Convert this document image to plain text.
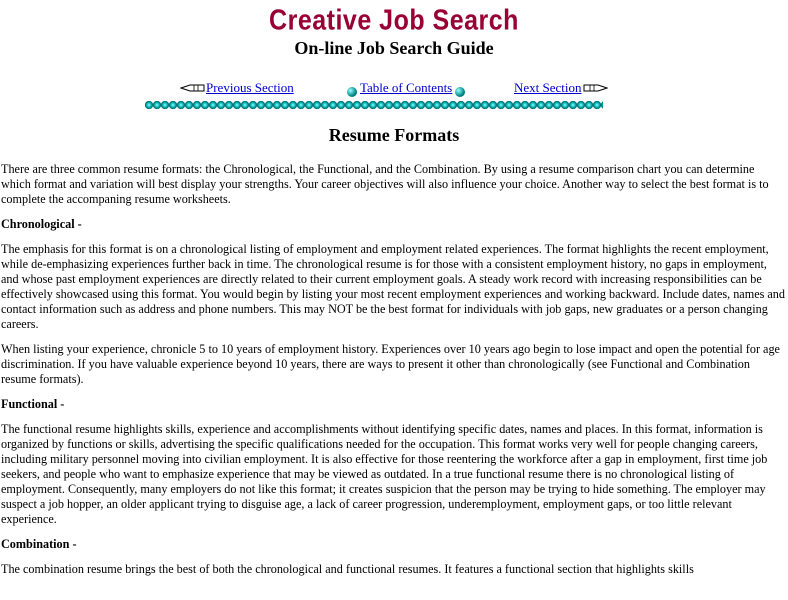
Creative Job Search
On-line Job Search Guide
Previous Section	Table of Contents	Next Section
Resume Formats

There are three common resume formats: the Chronological, the Functional, and the Combination. By using a resume comparison chart you can determine which format and variation will best display your strengths. Your career objectives will also influence your choice. Another way to select the best format is to complete the accompaning resume worksheets.

Chronological -

The emphasis for this format is on a chronological listing of employment and employment related experiences. The format highlights the recent employment, while de-emphasizing experiences further back in time. The chronological resume is for those with a consistent employment history, no gaps in employment, and whose past employment experiences are directly related to their current employment goals. A steady work record with increasing responsibilities can be effectively showcased using this format. You would begin by listing your most recent employment experiences and working backward. Include dates, names and contact information such as address and phone numbers. This may NOT be the best format for individuals with job gaps, new graduates or a person changing careers.

When listing your experience, chronicle 5 to 10 years of employment history. Experiences over 10 years ago begin to lose impact and open the potential for age discrimination. If you have valuable experience beyond 10 years, there are ways to present it other than chronologically (see Functional and Combination resume formats).

Functional -

The functional resume highlights skills, experience and accomplishments without identifying specific dates, names and places. In this format, information is organized by functions or skills, advertising the specific qualifications needed for the occupation. This format works very well for people changing careers, including military personnel moving into civilian employment. It is also effective for those reentering the workforce after a gap in employment, first time job seekers, and people who want to emphasize experience that may be viewed as outdated. In a true functional resume there is no chronological listing of employment. Consequently, many employers do not like this format; it creates suspicion that the person may be trying to hide something. The employer may suspect a job hopper, an older applicant trying to disguise age, a lack of career progression, underemployment, employment gaps, or too little relevant experience.

Combination -

The combination resume brings the best of both the chronological and functional resumes. It features a functional section that highlights skills
